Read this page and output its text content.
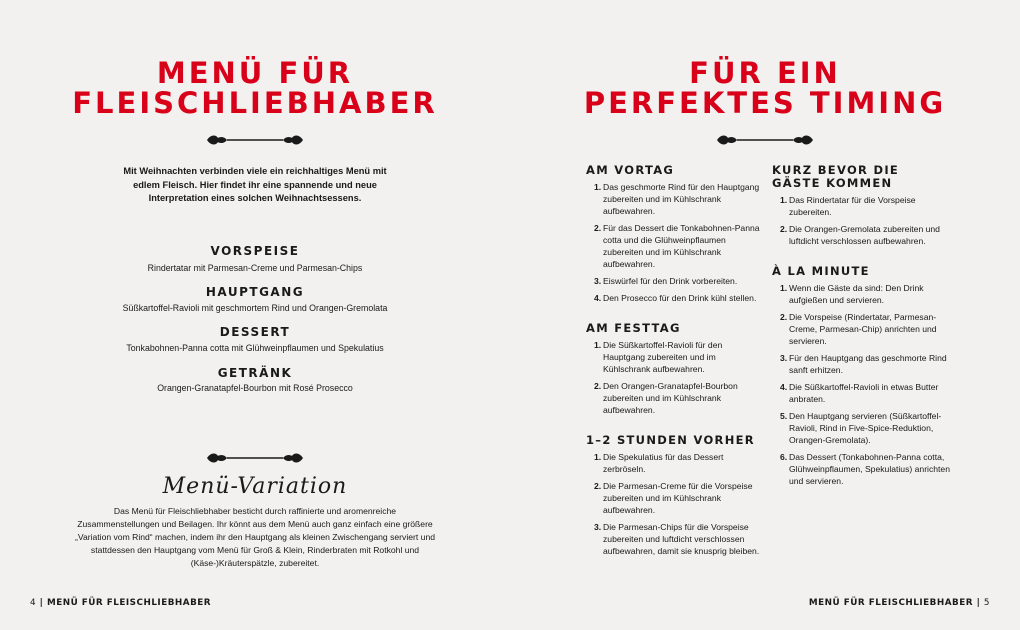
MENÜ FÜR
FLEISCHLIEBHABER
Mit Weihnachten verbinden viele ein reichhaltiges Menü mit edlem Fleisch. Hier findet ihr eine spannende und neue Interpretation eines solchen Weihnachtsessens.
VORSPEISE
Rindertatar mit Parmesan-Creme und Parmesan-Chips
HAUPTGANG
Süßkartoffel-Ravioli mit geschmortem Rind und Orangen-Gremolata
DESSERT
Tonkabohnen-Panna cotta mit Glühweinpflaumen und Spekulatius
GETRÄNK
Orangen-Granatapfel-Bourbon mit Rosé Prosecco
Menü-Variation
Das Menü für Fleischliebhaber besticht durch raffinierte und aromenreiche Zusammenstellungen und Beilagen. Ihr könnt aus dem Menü auch ganz einfach eine größere „Variation vom Rind“ machen, indem ihr den Hauptgang als kleinen Zwischengang serviert und stattdessen den Hauptgang vom Menü für Groß & Klein, Rinderbraten mit Rotkohl und (Käse-)Kräuterspätzle, zubereitet.
4 | MENÜ FÜR FLEISCHLIEBHABER
FÜR EIN
PERFEKTES TIMING
AM VORTAG
1. Das geschmorte Rind für den Hauptgang zubereiten und im Kühlschrank aufbewahren.
2. Für das Dessert die Tonkabohnen-Panna cotta und die Glühweinpflaumen zubereiten und im Kühlschrank aufbewahren.
3. Eiswürfel für den Drink vorbereiten.
4. Den Prosecco für den Drink kühl stellen.
AM FESTTAG
1. Die Süßkartoffel-Ravioli für den Hauptgang zubereiten und im Kühlschrank aufbewahren.
2. Den Orangen-Granatapfel-Bourbon zubereiten und im Kühlschrank aufbewahren.
1–2 STUNDEN VORHER
1. Die Spekulatius für das Dessert zerbröseln.
2. Die Parmesan-Creme für die Vorspeise zubereiten und im Kühlschrank aufbewahren.
3. Die Parmesan-Chips für die Vorspeise zubereiten und luftdicht verschlossen aufbewahren, damit sie knusprig bleiben.
KURZ BEVOR DIE GÄSTE KOMMEN
1. Das Rindertatar für die Vorspeise zubereiten.
2. Die Orangen-Gremolata zubereiten und luftdicht verschlossen aufbewahren.
À LA MINUTE
1. Wenn die Gäste da sind: Den Drink aufgießen und servieren.
2. Die Vorspeise (Rindertatar, Parmesan-Creme, Parmesan-Chip) anrichten und servieren.
3. Für den Hauptgang das geschmorte Rind sanft erhitzen.
4. Die Süßkartoffel-Ravioli in etwas Butter anbraten.
5. Den Hauptgang servieren (Süßkartoffel-Ravioli, Rind in Five-Spice-Reduktion, Orangen-Gremolata).
6. Das Dessert (Tonkabohnen-Panna cotta, Glühweinpflaumen, Spekulatius) anrichten und servieren.
MENÜ FÜR FLEISCHLIEBHABER | 5
